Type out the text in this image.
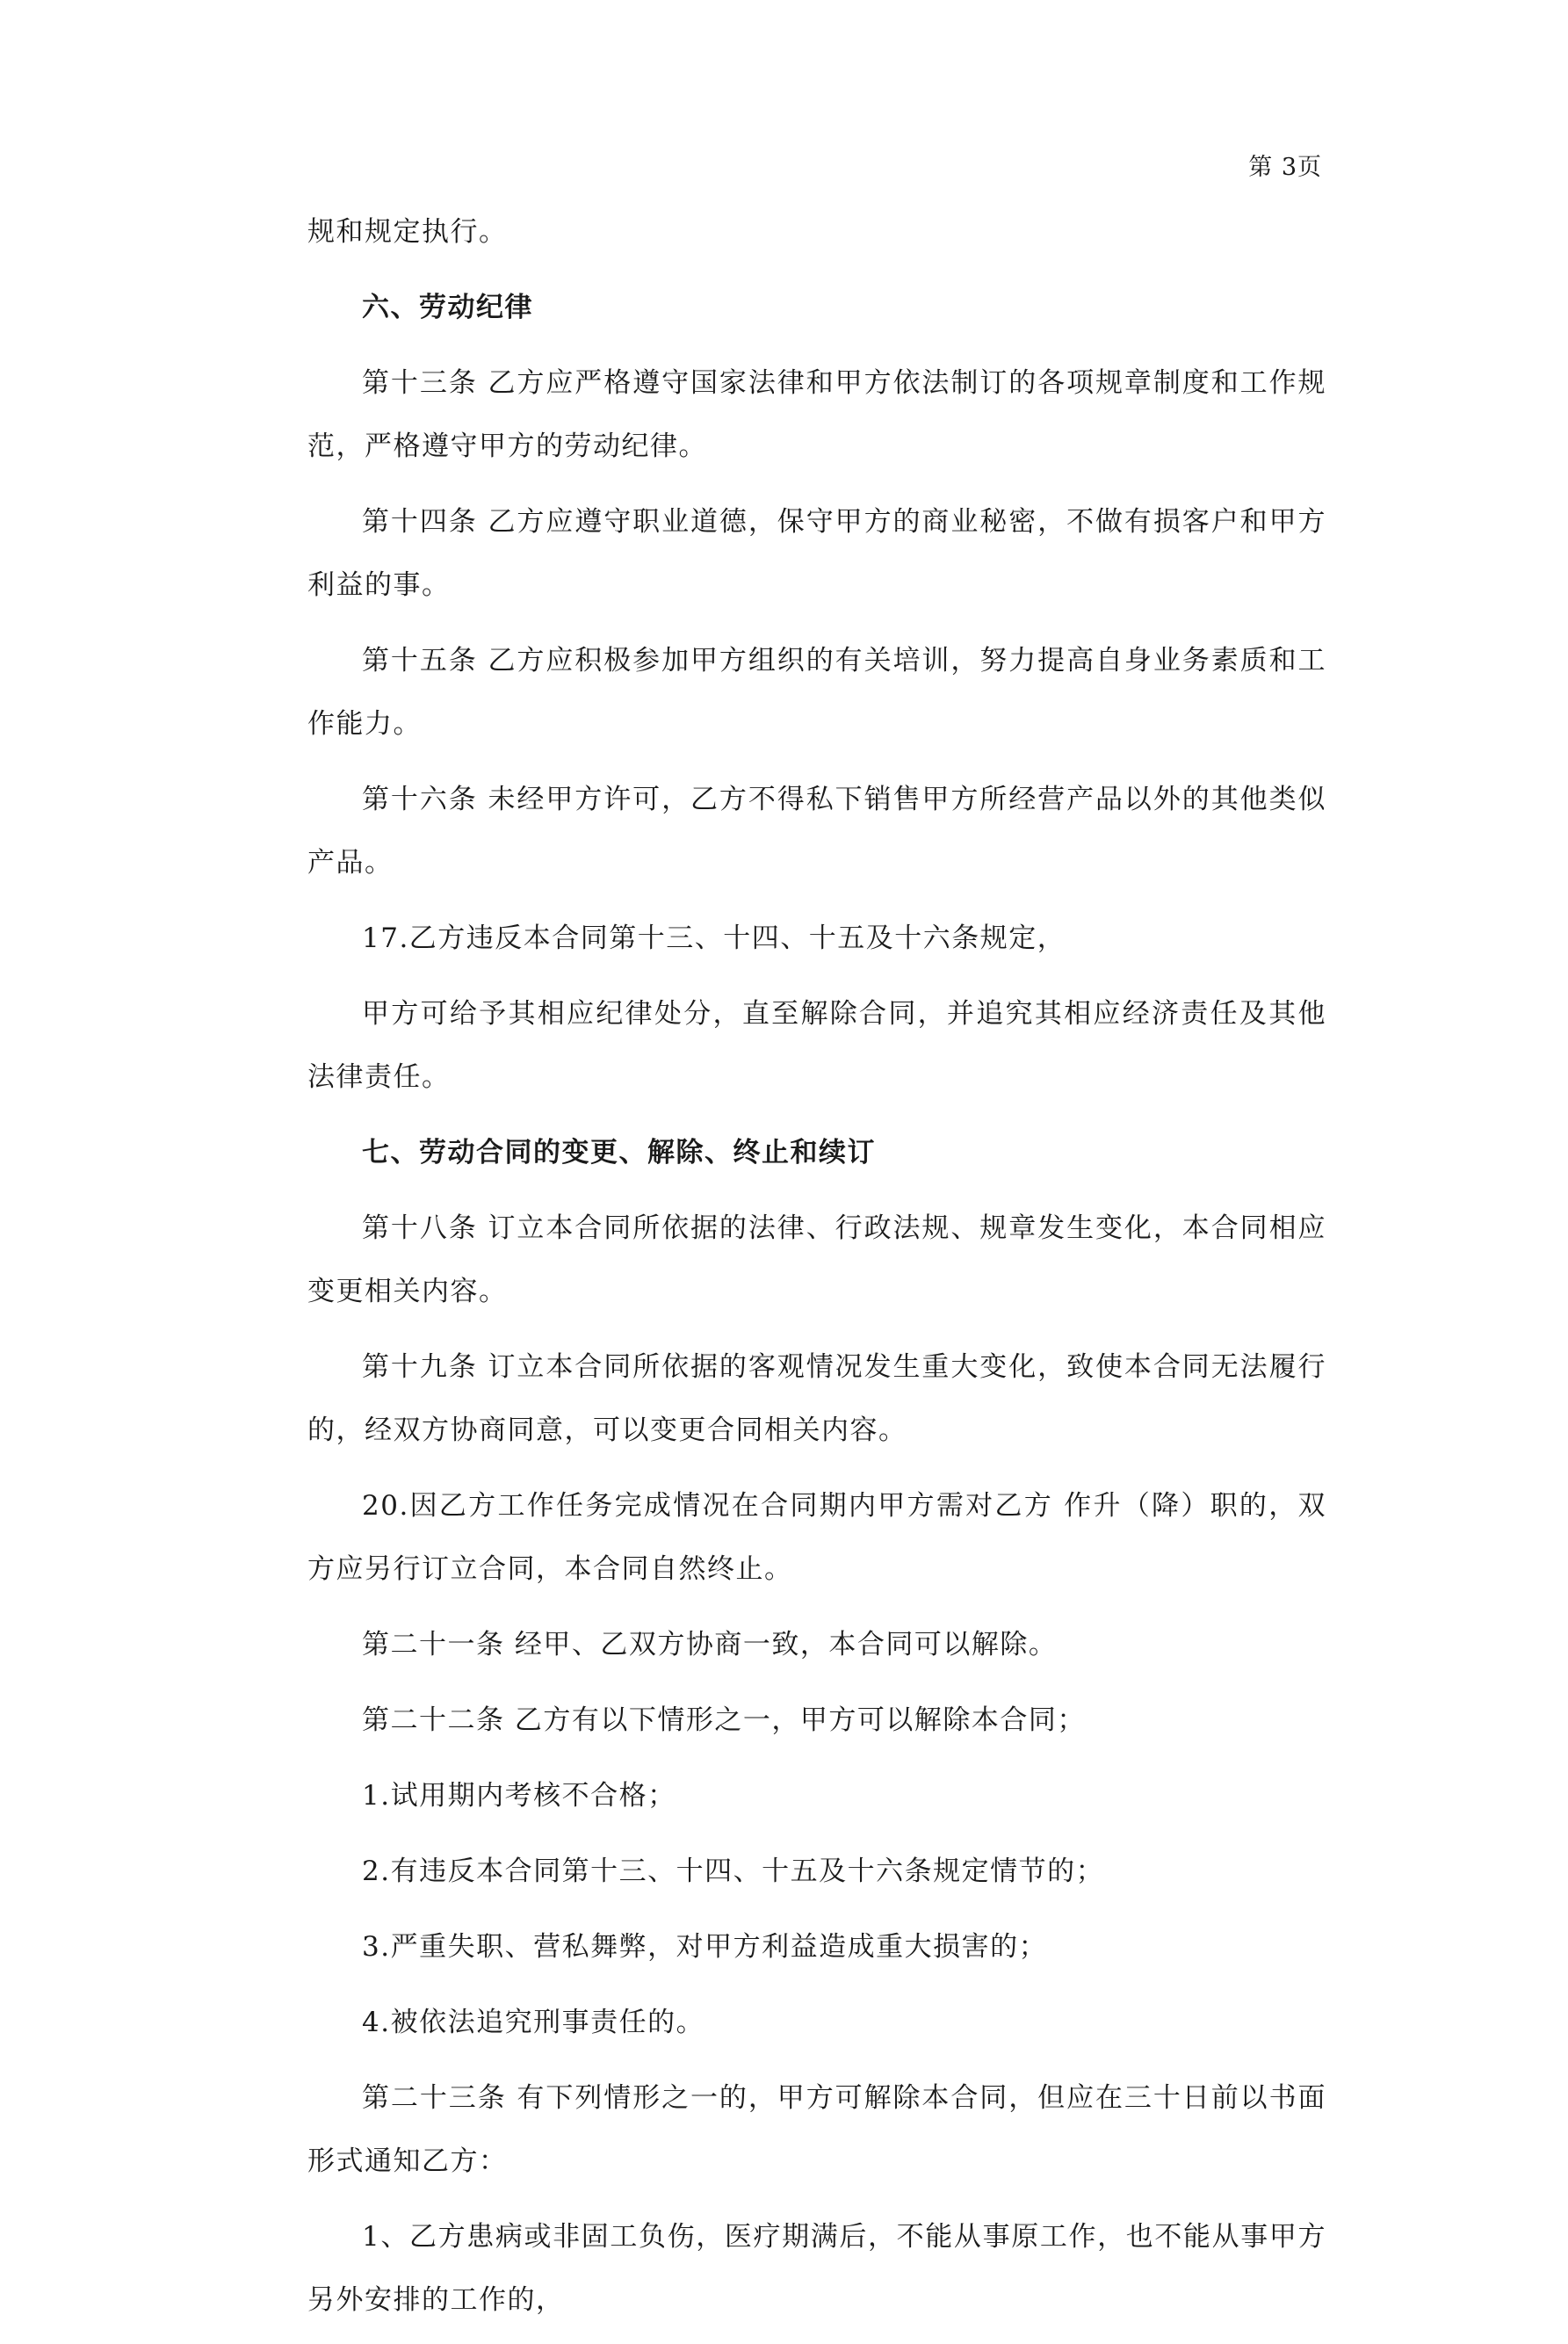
第 3页

规和规定执行。

六、劳动纪律

第十三条 乙方应严格遵守国家法律和甲方依法制订的各项规章制度和工作规范，严格遵守甲方的劳动纪律。

第十四条 乙方应遵守职业道德，保守甲方的商业秘密，不做有损客户和甲方利益的事。

第十五条 乙方应积极参加甲方组织的有关培训，努力提高自身业务素质和工作能力。

第十六条 未经甲方许可，乙方不得私下销售甲方所经营产品以外的其他类似产品。

17.乙方违反本合同第十三、十四、十五及十六条规定，

甲方可给予其相应纪律处分，直至解除合同，并追究其相应经济责任及其他法律责任。

七、劳动合同的变更、解除、终止和续订

第十八条 订立本合同所依据的法律、行政法规、规章发生变化，本合同相应变更相关内容。

第十九条 订立本合同所依据的客观情况发生重大变化，致使本合同无法履行的，经双方协商同意，可以变更合同相关内容。

20.因乙方工作任务完成情况在合同期内甲方需对乙方 作升（降）职的，双方应另行订立合同，本合同自然终止。

第二十一条 经甲、乙双方协商一致，本合同可以解除。

第二十二条 乙方有以下情形之一，甲方可以解除本合同；

1.试用期内考核不合格；

2.有违反本合同第十三、十四、十五及十六条规定情节的；

3.严重失职、营私舞弊，对甲方利益造成重大损害的；

4.被依法追究刑事责任的。

第二十三条 有下列情形之一的，甲方可解除本合同，但应在三十日前以书面形式通知乙方：

1、乙方患病或非固工负伤，医疗期满后，不能从事原工作，也不能从事甲方另外安排的工作的，
